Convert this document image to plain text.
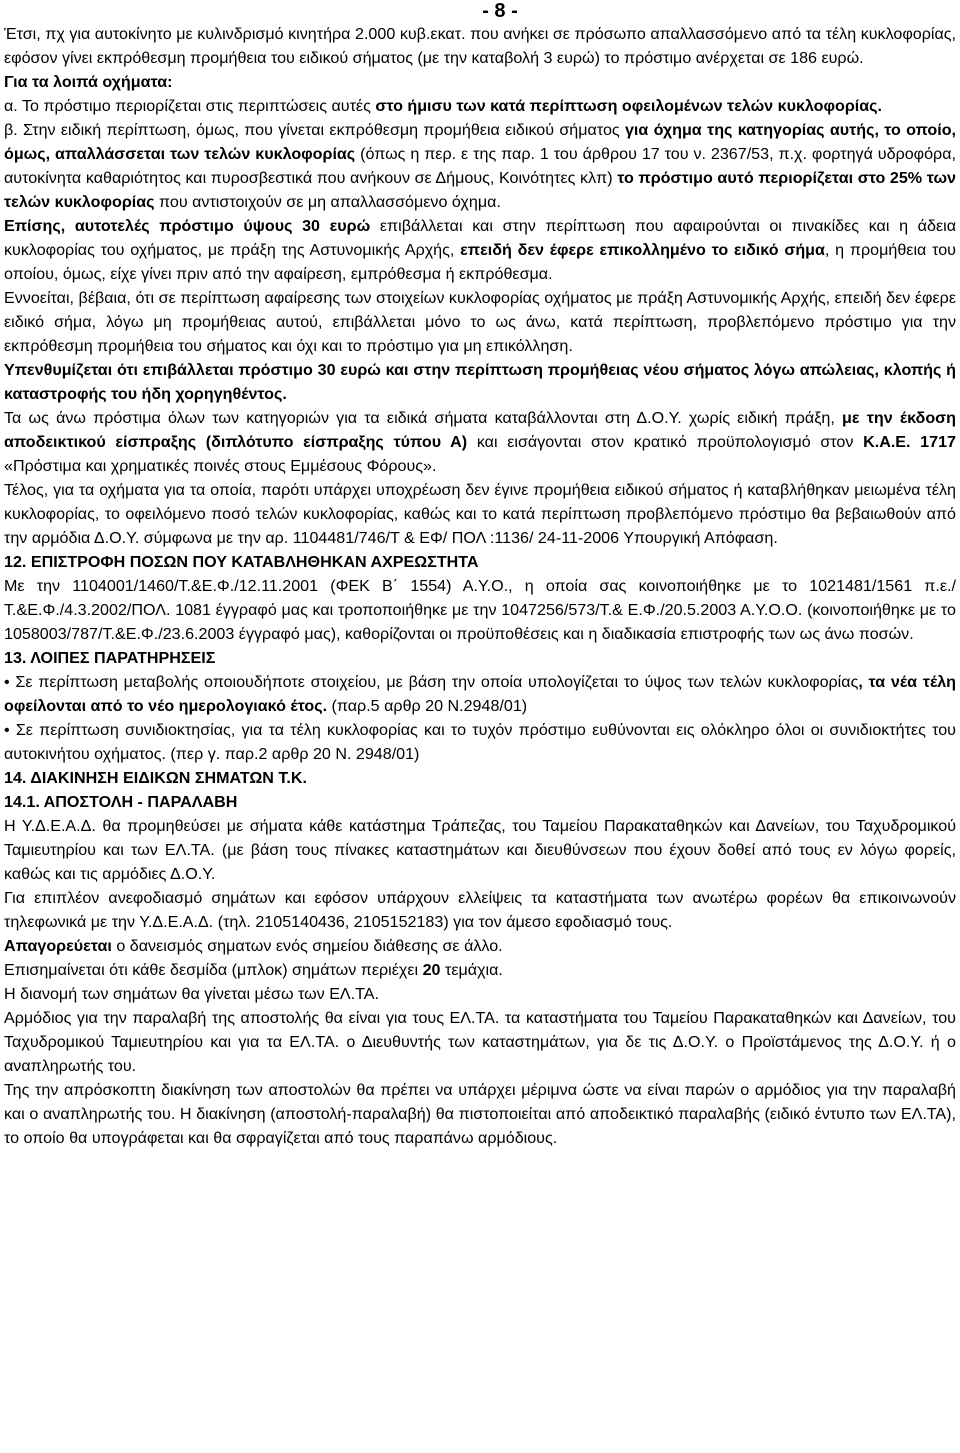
- 8 -

Έτσι, πχ για αυτοκίνητο με κυλινδρισμό κινητήρα 2.000 κυβ.εκατ. που ανήκει σε πρόσωπο απαλλασσόμενο από τα τέλη κυκλοφορίας, εφόσον γίνει εκπρόθεσμη προμήθεια του ειδικού σήματος (με την καταβολή 3 ευρώ) το πρόστιμο ανέρχεται σε 186 ευρώ.

Για τα λοιπά οχήματα:

α. Το πρόστιμο περιορίζεται στις περιπτώσεις αυτές στο ήμισυ των κατά περίπτωση οφειλομένων τελών κυκλοφορίας.

β. Στην ειδική περίπτωση, όμως, που γίνεται εκπρόθεσμη προμήθεια ειδικού σήματος για όχημα της κατηγορίας αυτής, το οποίο, όμως, απαλλάσσεται των τελών κυκλοφορίας (όπως η περ. ε της παρ. 1 του άρθρου 17 του ν. 2367/53, π.χ. φορτηγά υδροφόρα, αυτοκίνητα καθαριότητος και πυροσβεστικά που ανήκουν σε Δήμους, Κοινότητες κλπ) το πρόστιμο αυτό περιορίζεται στο 25% των τελών κυκλοφορίας που αντιστοιχούν σε μη απαλλασσόμενο όχημα.

Επίσης, αυτοτελές πρόστιμο ύψους 30 ευρώ επιβάλλεται και στην περίπτωση που αφαιρούνται οι πινακίδες και η άδεια κυκλοφορίας του οχήματος, με πράξη της Αστυνομικής Αρχής, επειδή δεν έφερε επικολλημένο το ειδικό σήμα, η προμήθεια του οποίου, όμως, είχε γίνει πριν από την αφαίρεση, εμπρόθεσμα ή εκπρόθεσμα.

Εννοείται, βέβαια, ότι σε περίπτωση αφαίρεσης των στοιχείων κυκλοφορίας οχήματος με πράξη Αστυνομικής Αρχής, επειδή δεν έφερε ειδικό σήμα, λόγω μη προμήθειας αυτού, επιβάλλεται μόνο το ως άνω, κατά περίπτωση, προβλεπόμενο πρόστιμο για την εκπρόθεσμη προμήθεια του σήματος και όχι και το πρόστιμο για μη επικόλληση.

Υπενθυμίζεται ότι επιβάλλεται πρόστιμο 30 ευρώ και στην περίπτωση προμήθειας νέου σήματος λόγω απώλειας, κλοπής ή καταστροφής του ήδη χορηγηθέντος.

Τα ως άνω πρόστιμα όλων των κατηγοριών για τα ειδικά σήματα καταβάλλονται στη Δ.Ο.Υ. χωρίς ειδική πράξη, με την έκδοση αποδεικτικού είσπραξης (διπλότυπο είσπραξης τύπου Α) και εισάγονται στον κρατικό προϋπολογισμό στον Κ.Α.Ε. 1717 «Πρόστιμα και χρηματικές ποινές στους Εμμέσους Φόρους».

Τέλος, για τα οχήματα για τα οποία, παρότι υπάρχει υποχρέωση δεν έγινε προμήθεια ειδικού σήματος ή καταβλήθηκαν μειωμένα τέλη κυκλοφορίας, το οφειλόμενο ποσό τελών κυκλοφορίας, καθώς και το κατά περίπτωση προβλεπόμενο πρόστιμο θα βεβαιωθούν από την αρμόδια Δ.Ο.Υ. σύμφωνα με την αρ. 1104481/746/Τ & ΕΦ/ ΠΟΛ :1136/ 24-11-2006 Υπουργική Απόφαση.

12. ΕΠΙΣΤΡΟΦΗ ΠΟΣΩΝ ΠΟΥ ΚΑΤΑΒΛΗΘΗΚΑΝ ΑΧΡΕΩΣΤΗΤΑ

Με την 1104001/1460/Τ.&Ε.Φ./12.11.2001 (ΦΕΚ Β΄ 1554) Α.Υ.Ο., η οποία σας κοινοποιήθηκε με το 1021481/1561 π.ε./Τ.&Ε.Φ./4.3.2002/ΠΟΛ. 1081 έγγραφό μας και τροποποιήθηκε με την 1047256/573/Τ.& Ε.Φ./20.5.2003 Α.Υ.Ο.Ο. (κοινοποιήθηκε με το 1058003/787/Τ.&Ε.Φ./23.6.2003 έγγραφό μας), καθορίζονται οι προϋποθέσεις και η διαδικασία επιστροφής των ως άνω ποσών.

13. ΛΟΙΠΕΣ ΠΑΡΑΤΗΡΗΣΕΙΣ

• Σε περίπτωση μεταβολής οποιουδήποτε στοιχείου, με βάση την οποία υπολογίζεται το ύψος των τελών κυκλοφορίας, τα νέα τέλη οφείλονται από το νέο ημερολογιακό έτος. (παρ.5 αρθρ 20 Ν.2948/01)

• Σε περίπτωση συνιδιοκτησίας, για τα τέλη κυκλοφορίας και το τυχόν πρόστιμο ευθύνονται εις ολόκληρο όλοι οι συνιδιοκτήτες του αυτοκινήτου οχήματος. (περ γ. παρ.2 αρθρ 20 Ν. 2948/01)

14. ΔΙΑΚΙΝΗΣΗ ΕΙΔΙΚΩΝ ΣΗΜΑΤΩΝ Τ.Κ.

14.1. ΑΠΟΣΤΟΛΗ - ΠΑΡΑΛΑΒΗ

Η Υ.Δ.Ε.Α.Δ. θα προμηθεύσει με σήματα κάθε κατάστημα Τράπεζας, του Ταμείου Παρακαταθηκών και Δανείων, του Ταχυδρομικού Ταμιευτηρίου και των ΕΛ.ΤΑ. (με βάση τους πίνακες καταστημάτων και διευθύνσεων που έχουν δοθεί από τους εν λόγω φορείς, καθώς και τις αρμόδιες Δ.Ο.Υ.

Για επιπλέον ανεφοδιασμό σημάτων και εφόσον υπάρχουν ελλείψεις τα καταστήματα των ανωτέρω φορέων θα επικοινωνούν τηλεφωνικά με την Υ.Δ.Ε.Α.Δ. (τηλ. 2105140436, 2105152183) για τον άμεσο εφοδιασμό τους.

Απαγορεύεται ο δανεισμός σηματων ενός σημείου διάθεσης σε άλλο.

Επισημαίνεται ότι κάθε δεσμίδα (μπλοκ) σημάτων περιέχει 20 τεμάχια.

Η διανομή των σημάτων θα γίνεται μέσω των ΕΛ.ΤΑ.

Αρμόδιος για την παραλαβή της αποστολής θα είναι για τους ΕΛ.ΤΑ. τα καταστήματα του Ταμείου Παρακαταθηκών και Δανείων, του Ταχυδρομικού Ταμιευτηρίου και για τα ΕΛ.ΤΑ. ο Διευθυντής των καταστημάτων, για δε τις Δ.Ο.Υ. ο Προϊστάμενος της Δ.Ο.Υ. ή ο αναπληρωτής του.

Της την απρόσκοπτη διακίνηση των αποστολών θα πρέπει να υπάρχει μέριμνα ώστε να είναι παρών ο αρμόδιος για την παραλαβή και ο αναπληρωτής του. Η διακίνηση (αποστολή-παραλαβή) θα πιστοποιείται από αποδεικτικό παραλαβής (ειδικό έντυπο των ΕΛ.ΤΑ), το οποίο θα υπογράφεται και θα σφραγίζεται από τους παραπάνω αρμόδιους.
